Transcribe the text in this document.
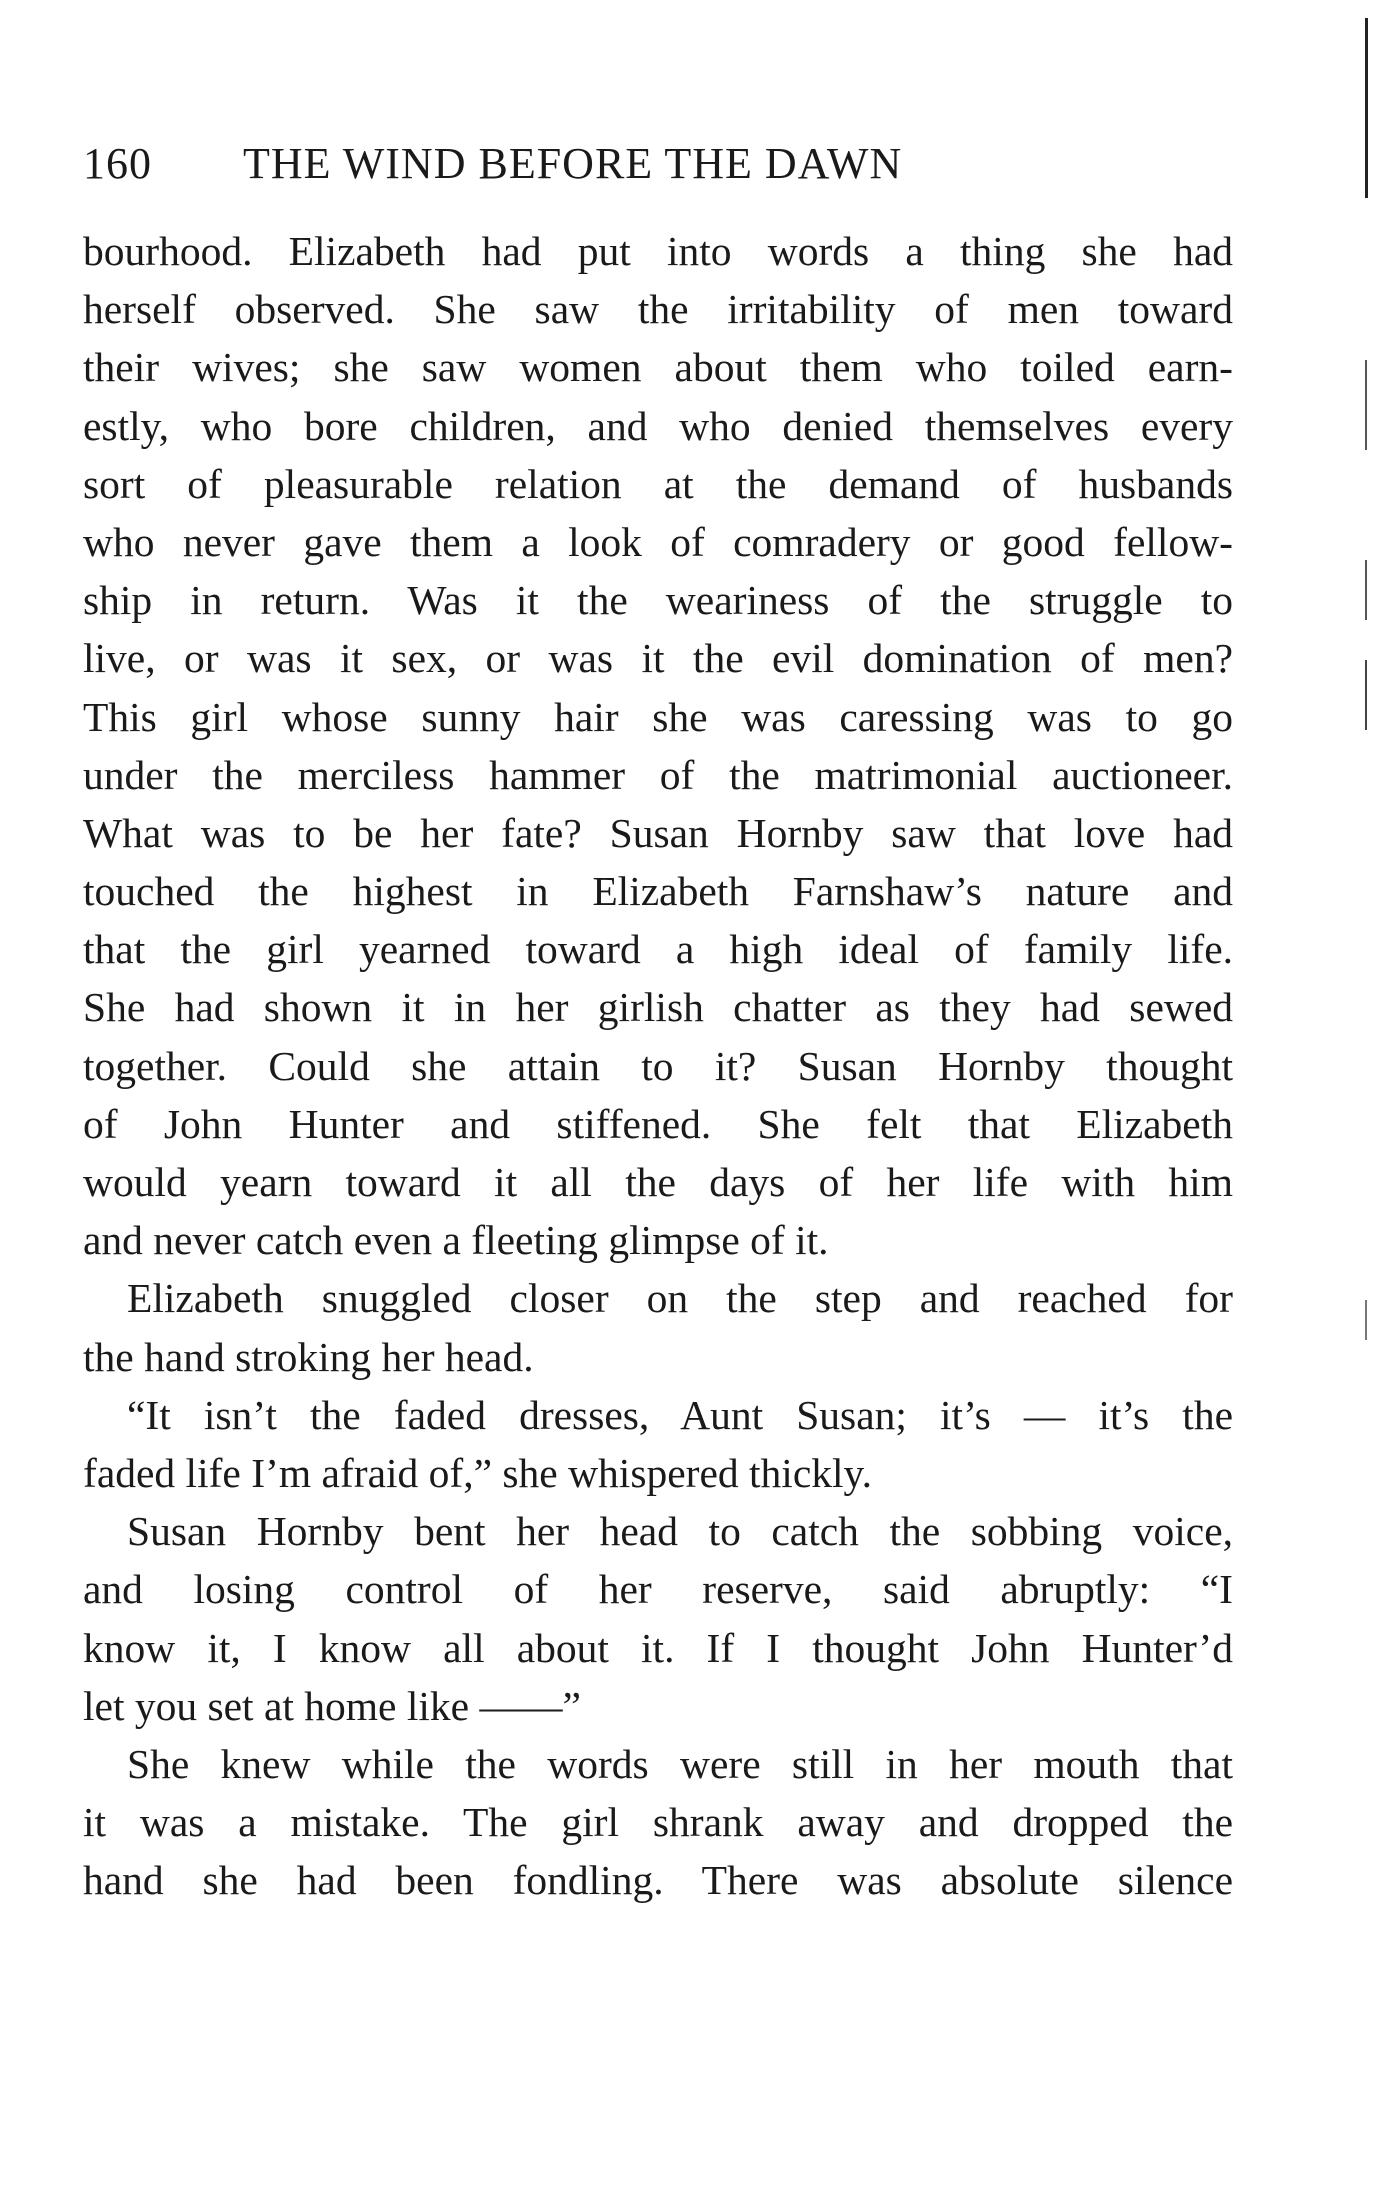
160 THE WIND BEFORE THE DAWN
bourhood. Elizabeth had put into words a thing she had
herself observed. She saw the irritability of men toward
their wives; she saw women about them who toiled earn-
estly, who bore children, and who denied themselves every
sort of pleasurable relation at the demand of husbands
who never gave them a look of comradery or good fellow-
ship in return. Was it the weariness of the struggle to
live, or was it sex, or was it the evil domination of men?
This girl whose sunny hair she was caressing was to go
under the merciless hammer of the matrimonial auctioneer.
What was to be her fate? Susan Hornby saw that love had
touched the highest in Elizabeth Farnshaw’s nature and
that the girl yearned toward a high ideal of family life.
She had shown it in her girlish chatter as they had sewed
together. Could she attain to it? Susan Hornby thought
of John Hunter and stiffened. She felt that Elizabeth
would yearn toward it all the days of her life with him
and never catch even a fleeting glimpse of it.
Elizabeth snuggled closer on the step and reached for
the hand stroking her head.
“It isn’t the faded dresses, Aunt Susan; it’s — it’s the
faded life I’m afraid of,” she whispered thickly.
Susan Hornby bent her head to catch the sobbing voice,
and losing control of her reserve, said abruptly: “I
know it, I know all about it. If I thought John Hunter’d
let you set at home like ——”
She knew while the words were still in her mouth that
it was a mistake. The girl shrank away and dropped the
hand she had been fondling. There was absolute silence
